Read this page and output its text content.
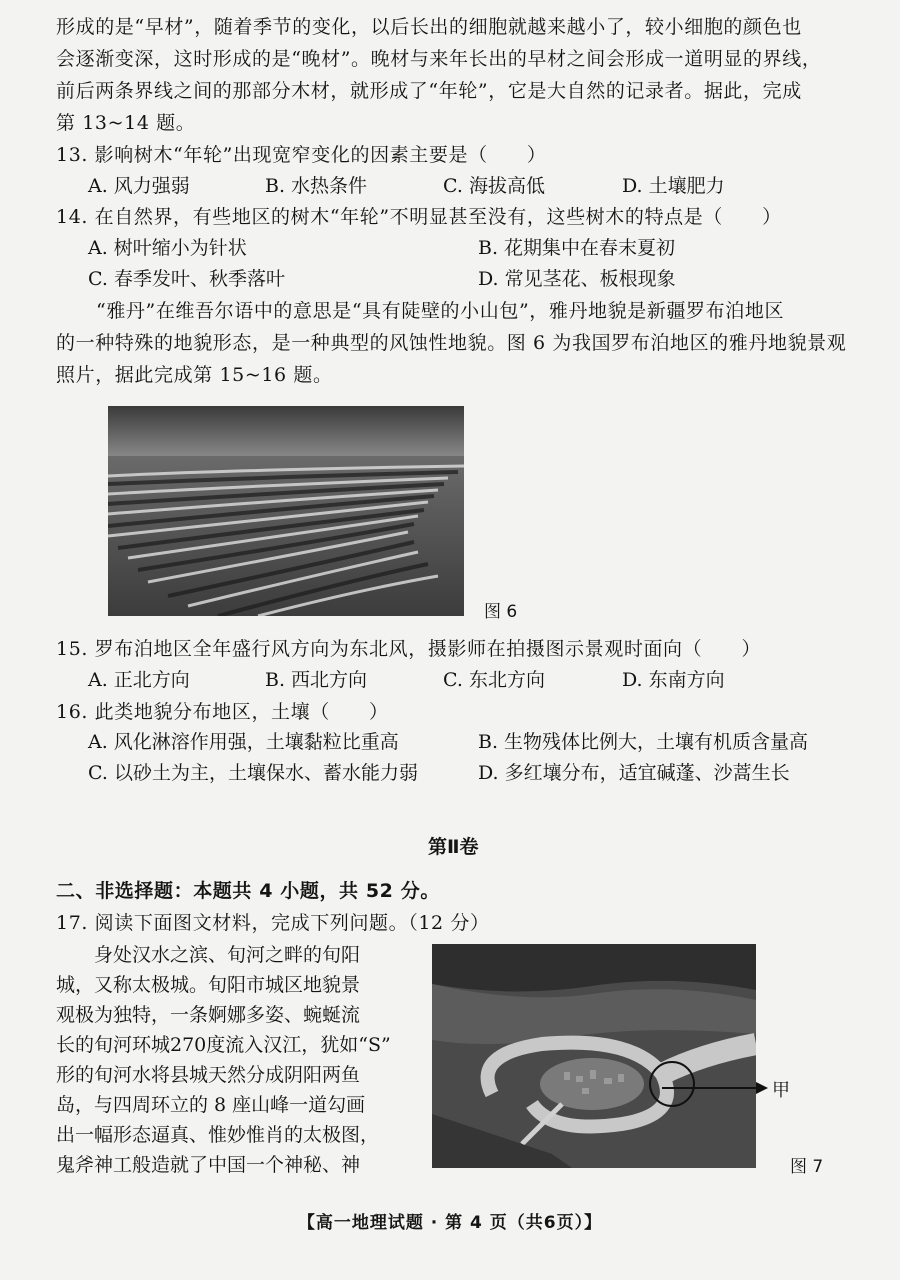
形成的是“早材”，随着季节的变化，以后长出的细胞就越来越小了，较小细胞的颜色也
会逐渐变深，这时形成的是“晚材”。晚材与来年长出的早材之间会形成一道明显的界线，
前后两条界线之间的那部分木材，就形成了“年轮”，它是大自然的记录者。据此，完成
第 13~14 题。
13. 影响树木“年轮”出现宽窄变化的因素主要是（　　）
A. 风力强弱	B. 水热条件	C. 海拔高低	D. 土壤肥力
14. 在自然界，有些地区的树木“年轮”不明显甚至没有，这些树木的特点是（　　）
A. 树叶缩小为针状	B. 花期集中在春末夏初
C. 春季发叶、秋季落叶	D. 常见茎花、板根现象
“雅丹”在维吾尔语中的意思是“具有陡壁的小山包”，雅丹地貌是新疆罗布泊地区
的一种特殊的地貌形态，是一种典型的风蚀性地貌。图 6 为我国罗布泊地区的雅丹地貌景观
照片，据此完成第 15~16 题。
图 6
15. 罗布泊地区全年盛行风方向为东北风，摄影师在拍摄图示景观时面向（　　）
A. 正北方向	B. 西北方向	C. 东北方向	D. 东南方向
16. 此类地貌分布地区，土壤（　　）
A. 风化淋溶作用强，土壤黏粒比重高	B. 生物残体比例大，土壤有机质含量高
C. 以砂土为主，土壤保水、蓄水能力弱	D. 多红壤分布，适宜碱蓬、沙蒿生长
第Ⅱ卷
二、非选择题：本题共 4 小题，共 52 分。
17. 阅读下面图文材料，完成下列问题。（12 分）
　　身处汉水之滨、旬河之畔的旬阳
城，又称太极城。旬阳市城区地貌景
观极为独特，一条婀娜多姿、蜿蜒流
长的旬河环城270度流入汉江，犹如“S”
形的旬河水将县城天然分成阴阳两鱼
岛，与四周环立的 8 座山峰一道勾画
出一幅形态逼真、惟妙惟肖的太极图，
鬼斧神工般造就了中国一个神秘、神
甲
图 7
【高一地理试题 · 第 4 页（共6页）】
